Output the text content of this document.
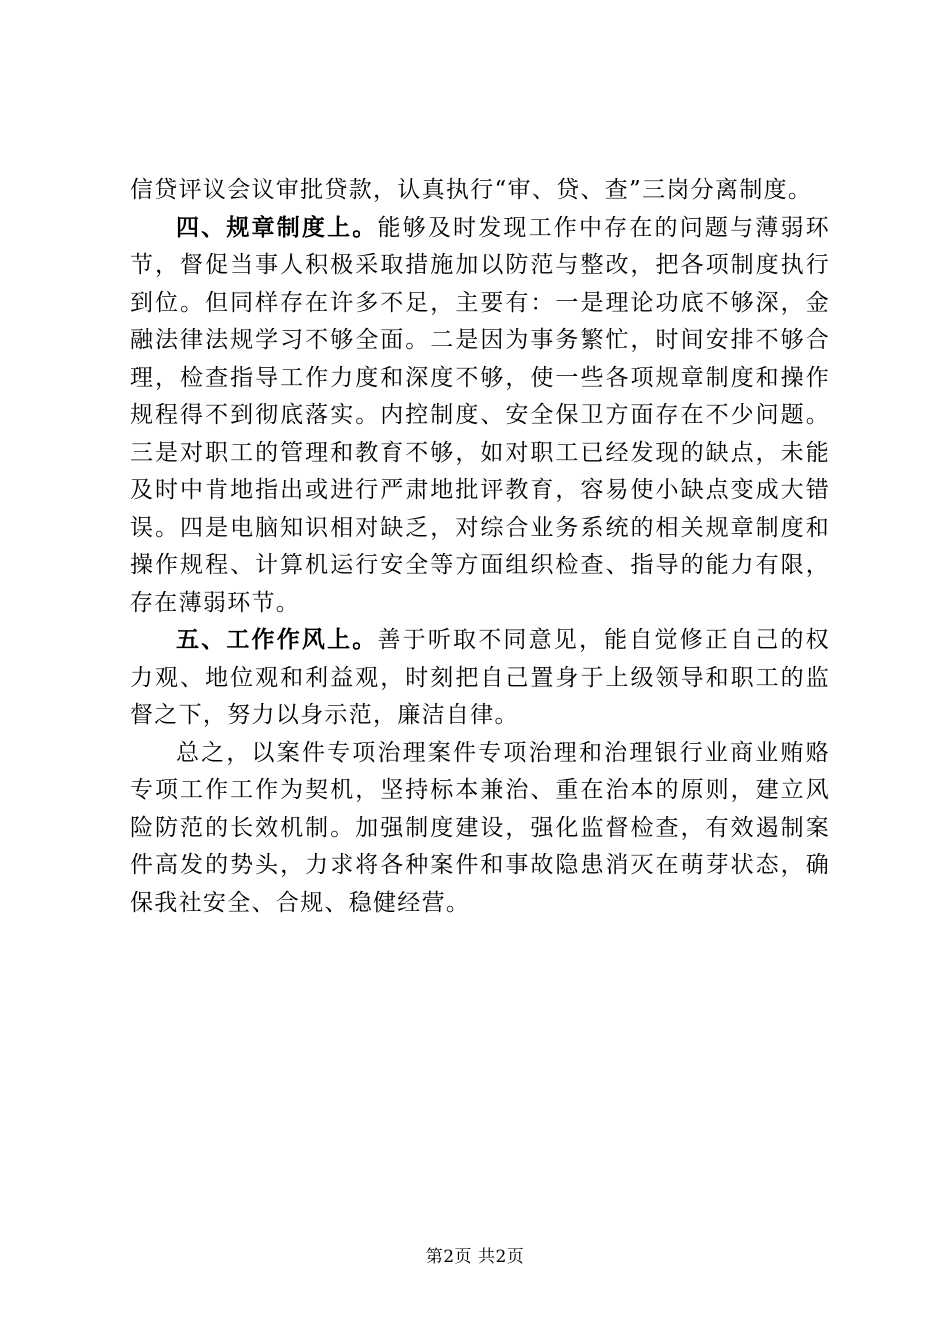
信贷评议会议审批贷款，认真执行“审、贷、查”三岗分离制度。

四、规章制度上。能够及时发现工作中存在的问题与薄弱环节，督促当事人积极采取措施加以防范与整改，把各项制度执行到位。但同样存在许多不足，主要有：一是理论功底不够深，金融法律法规学习不够全面。二是因为事务繁忙，时间安排不够合理，检查指导工作力度和深度不够，使一些各项规章制度和操作规程得不到彻底落实。内控制度、安全保卫方面存在不少问题。三是对职工的管理和教育不够，如对职工已经发现的缺点，未能及时中肯地指出或进行严肃地批评教育，容易使小缺点变成大错误。四是电脑知识相对缺乏，对综合业务系统的相关规章制度和操作规程、计算机运行安全等方面组织检查、指导的能力有限，存在薄弱环节。

五、工作作风上。善于听取不同意见，能自觉修正自己的权力观、地位观和利益观，时刻把自己置身于上级领导和职工的监督之下，努力以身示范，廉洁自律。

总之，以案件专项治理案件专项治理和治理银行业商业贿赂专项工作工作为契机，坚持标本兼治、重在治本的原则，建立风险防范的长效机制。加强制度建设，强化监督检查，有效遏制案件高发的势头，力求将各种案件和事故隐患消灭在萌芽状态，确保我社安全、合规、稳健经营。

第2页 共2页
